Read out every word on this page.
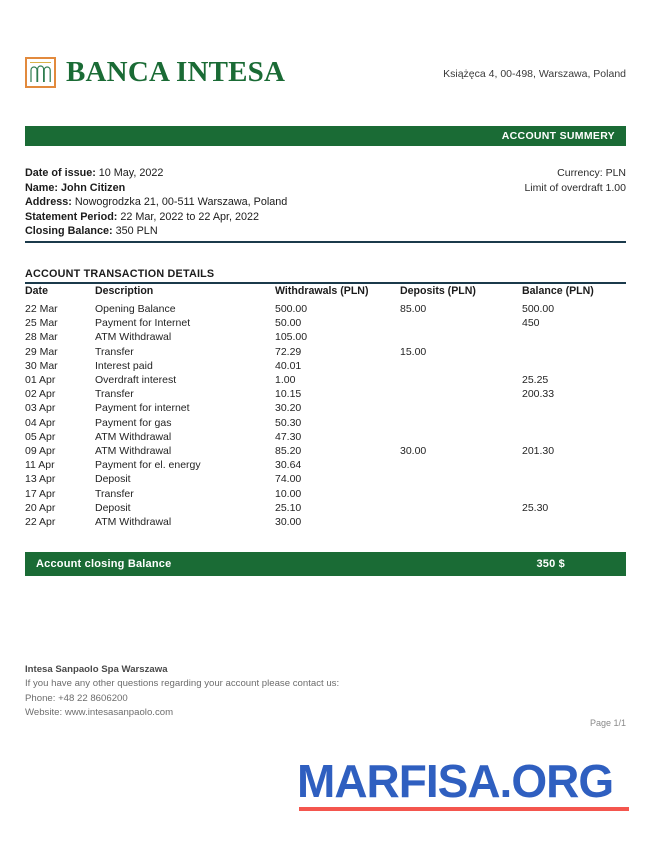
BANCA INTESA	Książęca 4, 00-498, Warszawa, Poland
ACCOUNT SUMMERY
Date of issue: 10 May, 2022
Name: John Citizen
Address: Nowogrodzka 21, 00-511 Warszawa, Poland
Statement Period: 22 Mar, 2022 to 22 Apr, 2022
Closing Balance: 350 PLN
Currency: PLN
Limit of overdraft 1.00
ACCOUNT TRANSACTION DETAILS
Date	Description	Withdrawals (PLN)	Deposits (PLN)	Balance (PLN)
22 Mar	Opening Balance	500.00	85.00	500.00
25 Mar	Payment for Internet	50.00		450
28 Mar	ATM Withdrawal	105.00		
29 Mar	Transfer	72.29	15.00	
30 Mar	Interest paid	40.01		
01 Apr	Overdraft interest	1.00		25.25
02 Apr	Transfer	10.15		200.33
03 Apr	Payment for internet	30.20		
04 Apr	Payment for gas	50.30		
05 Apr	ATM Withdrawal	47.30		
09 Apr	ATM Withdrawal	85.20	30.00	201.30
11 Apr	Payment for el. energy	30.64		
13 Apr	Deposit	74.00		
17 Apr	Transfer	10.00		
20 Apr	Deposit	25.10		25.30
22 Apr	ATM Withdrawal	30.00		
Account closing Balance	350 $
Intesa Sanpaolo Spa Warszawa
If you have any other questions regarding your account please contact us:
Phone: +48 22 8606200
Website: www.intesasanpaolo.com
Page 1/1
MARFISA.ORG
